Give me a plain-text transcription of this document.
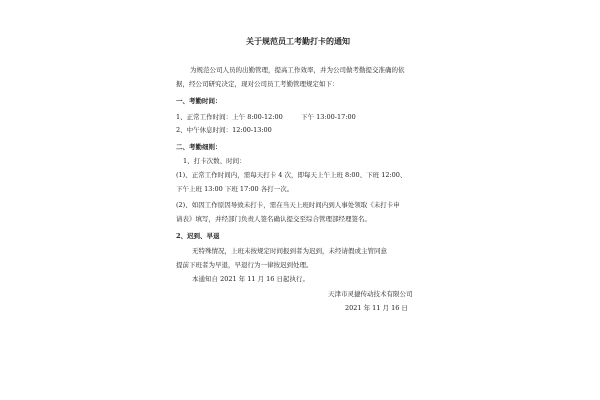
关于规范员工考勤打卡的通知
为规范公司人员的出勤管理，提高工作效率，并为公司做考勤提交准确的依
据，经公司研究决定，现对公司员工考勤管理规定如下：
一、考勤时间：
1、正常工作时间：上午 8:00-12:00	下午 13:00-17:00
2、中午休息时间：12:00-13:00
二、考勤细则：
1、打卡次数、时间：
(1)、正常工作时间内，需每天打卡 4 次，即每天上午上班 8:00、下班 12:00、
下午上班 13:00 下班 17:00 各打一次。
(2)、如因工作原因导致未打卡，需在当天上班时间内到人事处领取《未打卡申
请表》填写，并经部门负责人签名确认提交至综合管理部经理签名。
2、迟到、早退
无特殊情况，上班未按规定时间报到者为迟到，未经请假或主管同意
提前下班者为早退，早退行为一律按迟到处理。
本通知自 2021 年 11 月 16 日起执行。
天津市灵捷传动技术有限公司
2021 年 11 月 16 日
